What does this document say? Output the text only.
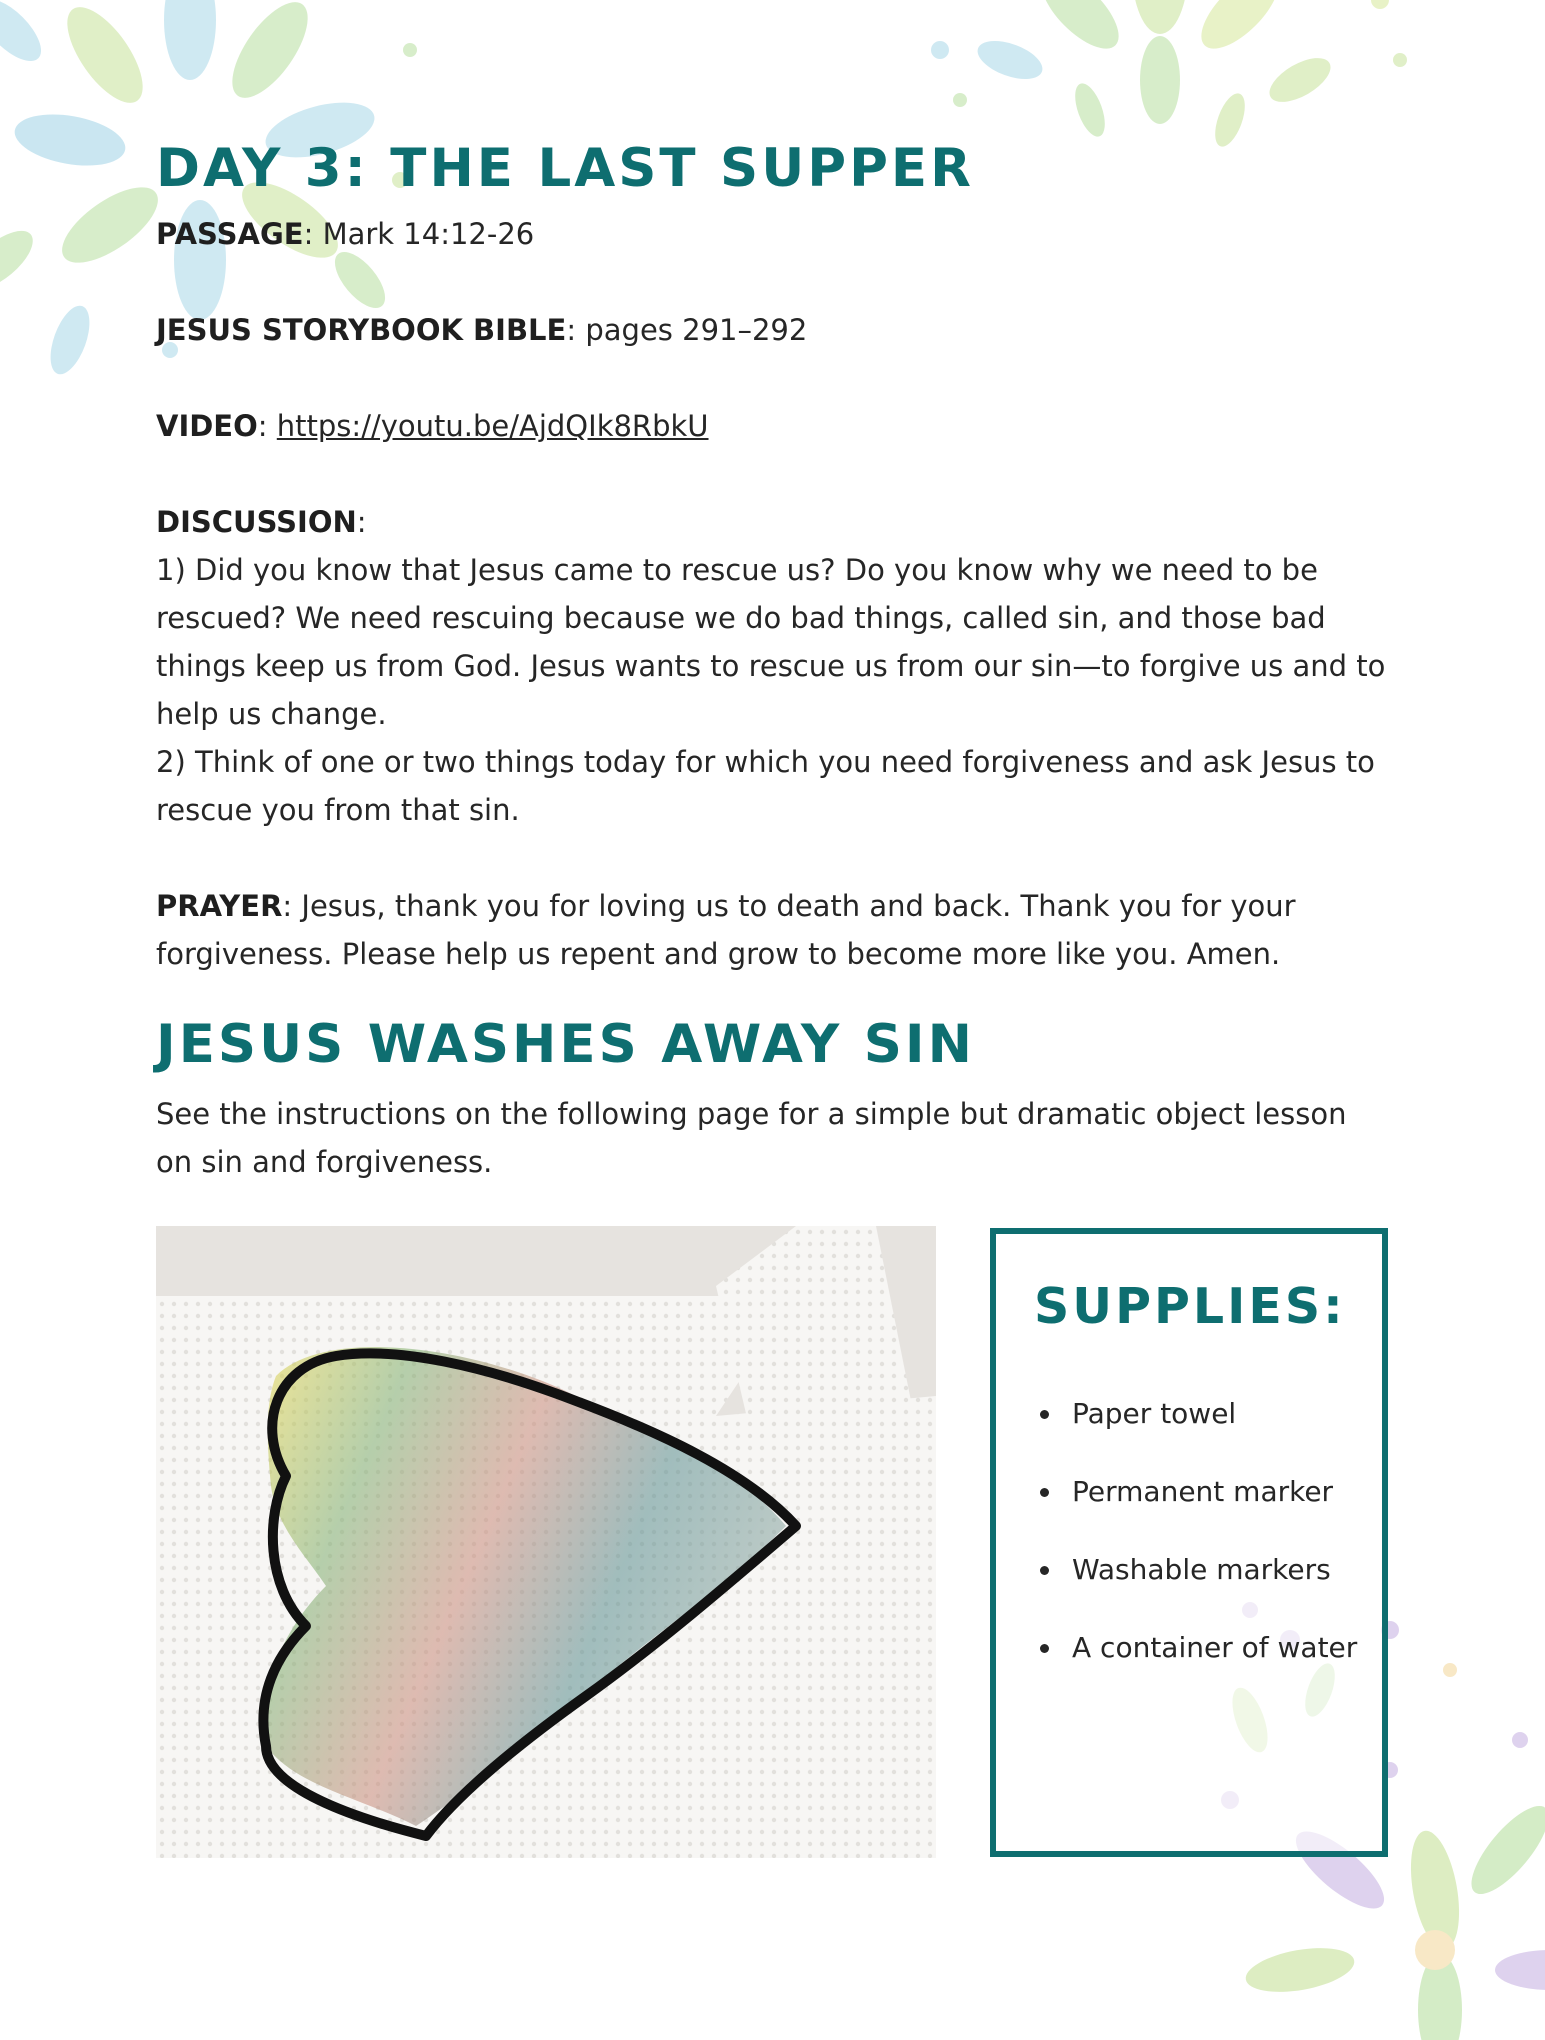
DAY 3: THE LAST SUPPER

PASSAGE: Mark 14:12-26

JESUS STORYBOOK BIBLE: pages 291–292

VIDEO: https://youtu.be/AjdQIk8RbkU

DISCUSSION:

1) Did you know that Jesus came to rescue us? Do you know why we need to be rescued? We need rescuing because we do bad things, called sin, and those bad things keep us from God. Jesus wants to rescue us from our sin—to forgive us and to help us change.

2) Think of one or two things today for which you need forgiveness and ask Jesus to rescue you from that sin.

PRAYER: Jesus, thank you for loving us to death and back. Thank you for your forgiveness. Please help us repent and grow to become more like you. Amen.

JESUS WASHES AWAY SIN

See the instructions on the following page for a simple but dramatic object lesson on sin and forgiveness.

SUPPLIES:
Paper towel
Permanent marker
Washable markers
A container of water
